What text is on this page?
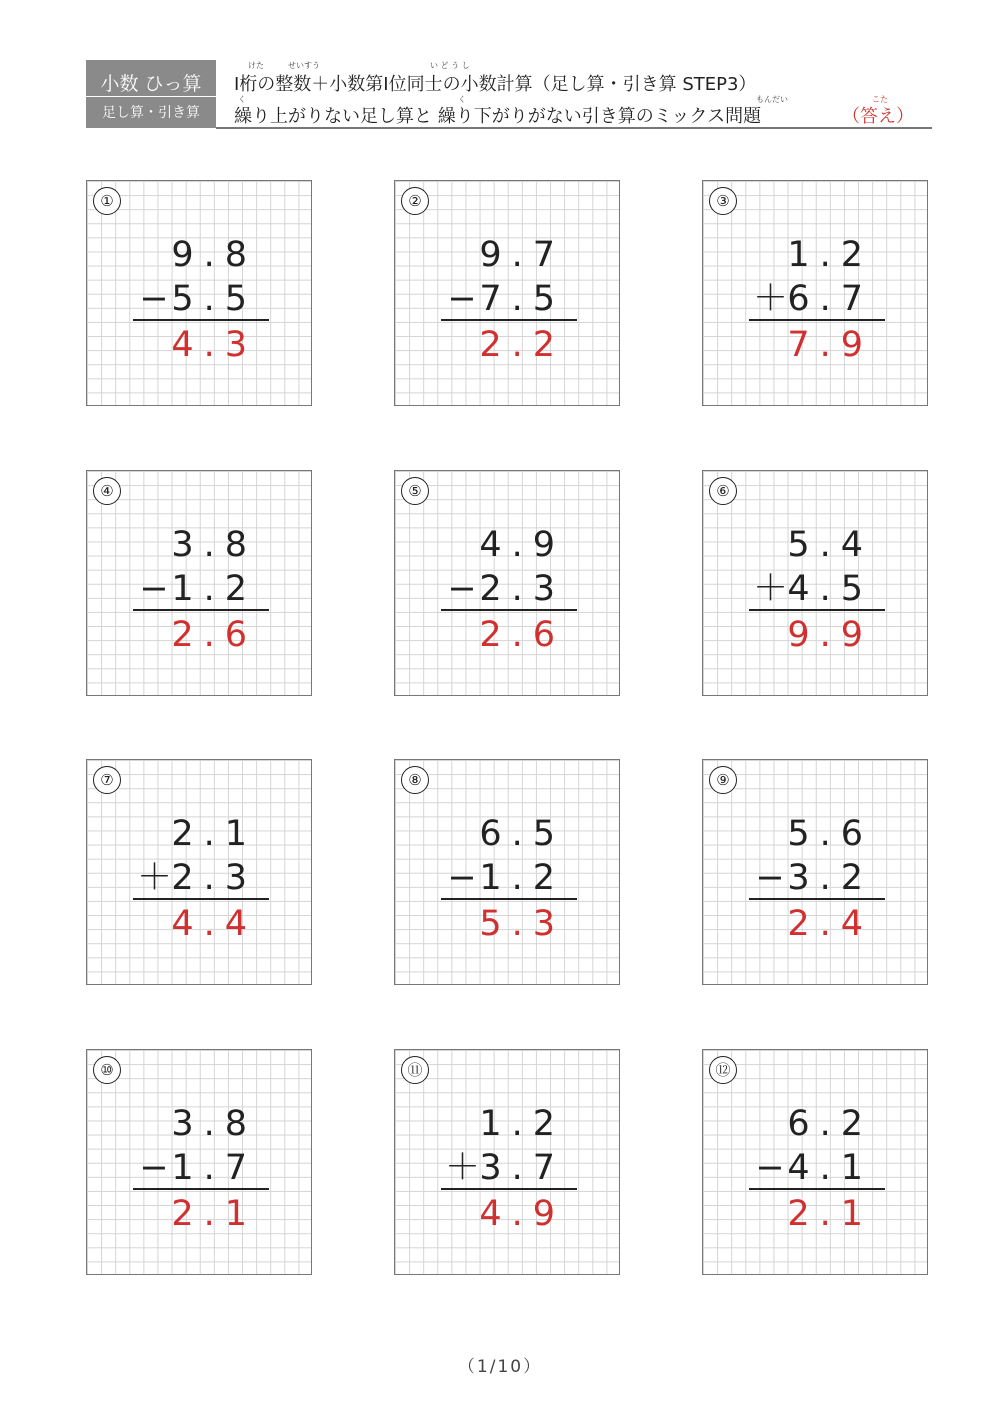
小数 ひっ算
足し算・引き算
けた	せいすう	い ど う し
Ⅰ桁の整数＋小数第Ⅰ位同士の小数計算（足し算・引き算 STEP3）
く	く	もんだい
繰り上がりない足し算と 繰り下がりがない引き算のミックス問題
こた
（答え）
①
9.8
− 5.5
4.3
②
9.7
− 7.5
2.2
③
1.2
＋ 6.7
7.9
④
3.8
− 1.2
2.6
⑤
4.9
− 2.3
2.6
⑥
5.4
＋ 4.5
9.9
⑦
2.1
＋ 2.3
4.4
⑧
6.5
− 1.2
5.3
⑨
5.6
− 3.2
2.4
⑩
3.8
− 1.7
2.1
⑪
1.2
＋ 3.7
4.9
⑫
6.2
− 4.1
2.1
（1/10）
